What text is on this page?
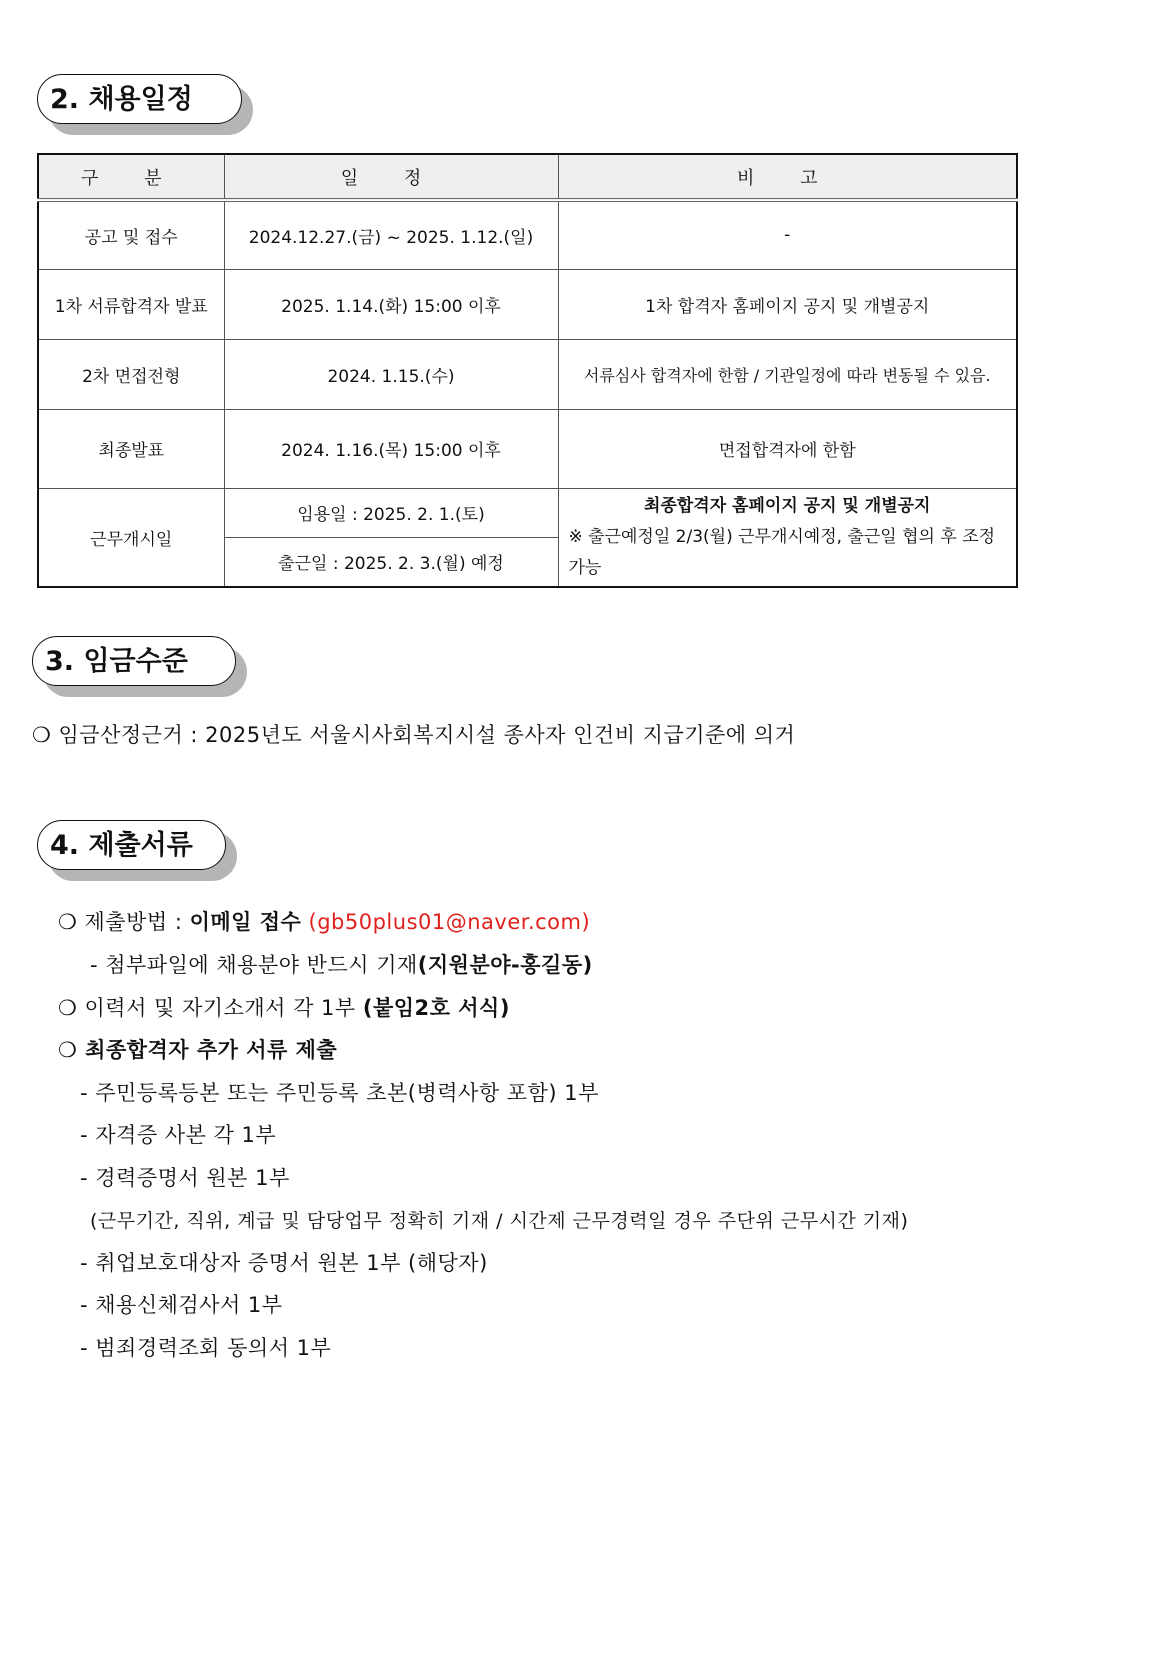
2. 채용일정
구 분	일 정	비 고
공고 및 접수	2024.12.27.(금) ~ 2025. 1.12.(일)	-
1차 서류합격자 발표	2025. 1.14.(화) 15:00 이후	1차 합격자 홈페이지 공지 및 개별공지
2차 면접전형	2024. 1.15.(수)	서류심사 합격자에 한함 / 기관일정에 따라 변동될 수 있음.
최종발표	2024. 1.16.(목) 15:00 이후	면접합격자에 한함
근무개시일	임용일 : 2025. 2. 1.(토)	최종합격자 홈페이지 공지 및 개별공지
※ 출근예정일 2/3(월) 근무개시예정, 출근일 협의 후 조정 가능

	출근일 : 2025. 2. 3.(월) 예정	
3. 임금수준
❍ 임금산정근거 : 2025년도 서울시사회복지시설 종사자 인건비 지급기준에 의거
4. 제출서류
❍ 제출방법 : 이메일 접수 (gb50plus01@naver.com)
- 첨부파일에 채용분야 반드시 기재(지원분야-홍길동)
❍ 이력서 및 자기소개서 각 1부 (붙임2호 서식)
❍ 최종합격자 추가 서류 제출
- 주민등록등본 또는 주민등록 초본(병력사항 포함) 1부
- 자격증 사본 각 1부
- 경력증명서 원본 1부
(근무기간, 직위, 계급 및 담당업무 정확히 기재 / 시간제 근무경력일 경우 주단위 근무시간 기재)
- 취업보호대상자 증명서 원본 1부 (해당자)
- 채용신체검사서 1부
- 범죄경력조회 동의서 1부
